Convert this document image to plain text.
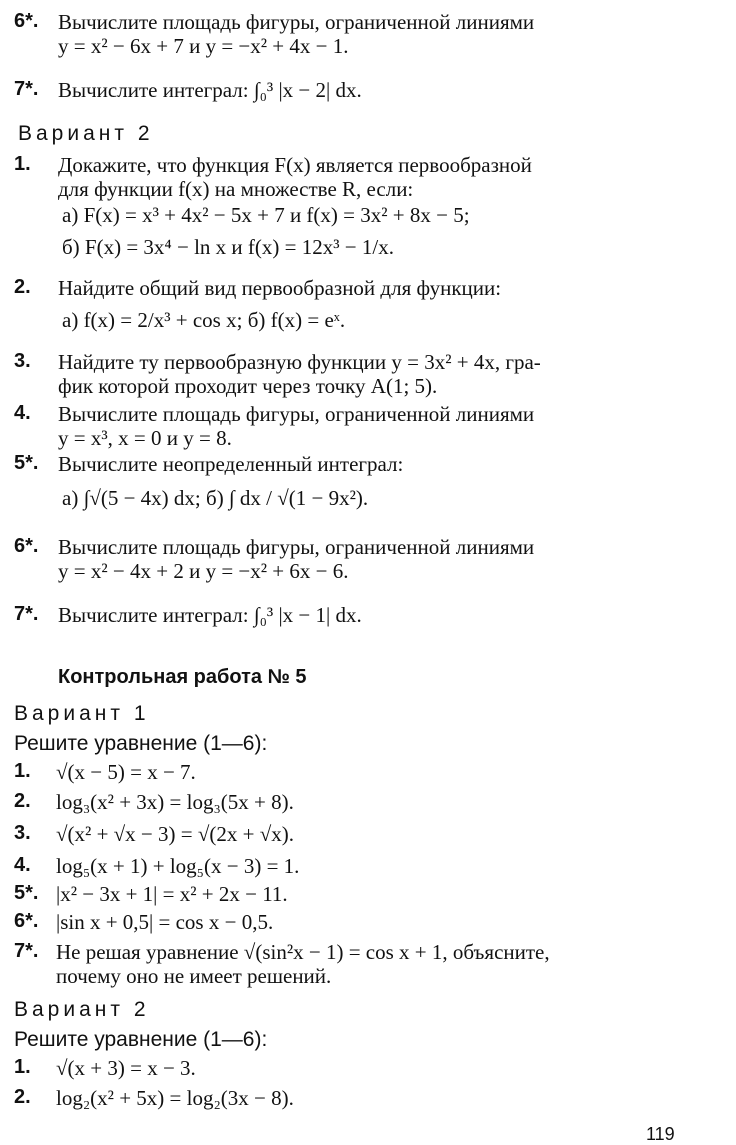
6*. Вычислите площадь фигуры, ограниченной линиями
y = x² − 6x + 7 и y = −x² + 4x − 1.
7*. Вычислите интеграл: ∫₀³ |x − 2| dx.
Вариант 2
1. Докажите, что функция F(x) является первообразной
для функции f(x) на множестве R, если:
а) F(x) = x³ + 4x² − 5x + 7 и f(x) = 3x² + 8x − 5;
б) F(x) = 3x⁴ − ln x и f(x) = 12x³ − 1/x.
2. Найдите общий вид первообразной для функции:
а) f(x) = 2/x³ + cos x; б) f(x) = eˣ.
3. Найдите ту первообразную функции y = 3x² + 4x, гра-
фик которой проходит через точку A(1; 5).
4. Вычислите площадь фигуры, ограниченной линиями
y = x³, x = 0 и y = 8.
5*. Вычислите неопределенный интеграл:
а) ∫√(5 − 4x) dx; б) ∫ dx / √(1 − 9x²).
6*. Вычислите площадь фигуры, ограниченной линиями
y = x² − 4x + 2 и y = −x² + 6x − 6.
7*. Вычислите интеграл: ∫₀³ |x − 1| dx.
Контрольная работа № 5
Вариант 1
Решите уравнение (1—6):
1. √(x − 5) = x − 7.
2. log₃(x² + 3x) = log₃(5x + 8).
3. √(x² + √x − 3) = √(2x + √x).
4. log₅(x + 1) + log₅(x − 3) = 1.
5*. |x² − 3x + 1| = x² + 2x − 11.
6*. |sin x + 0,5| = cos x − 0,5.
7*. Не решая уравнение √(sin²x − 1) = cos x + 1, объясните,
почему оно не имеет решений.
Вариант 2
Решите уравнение (1—6):
1. √(x + 3) = x − 3.
2. log₂(x² + 5x) = log₂(3x − 8).
119
